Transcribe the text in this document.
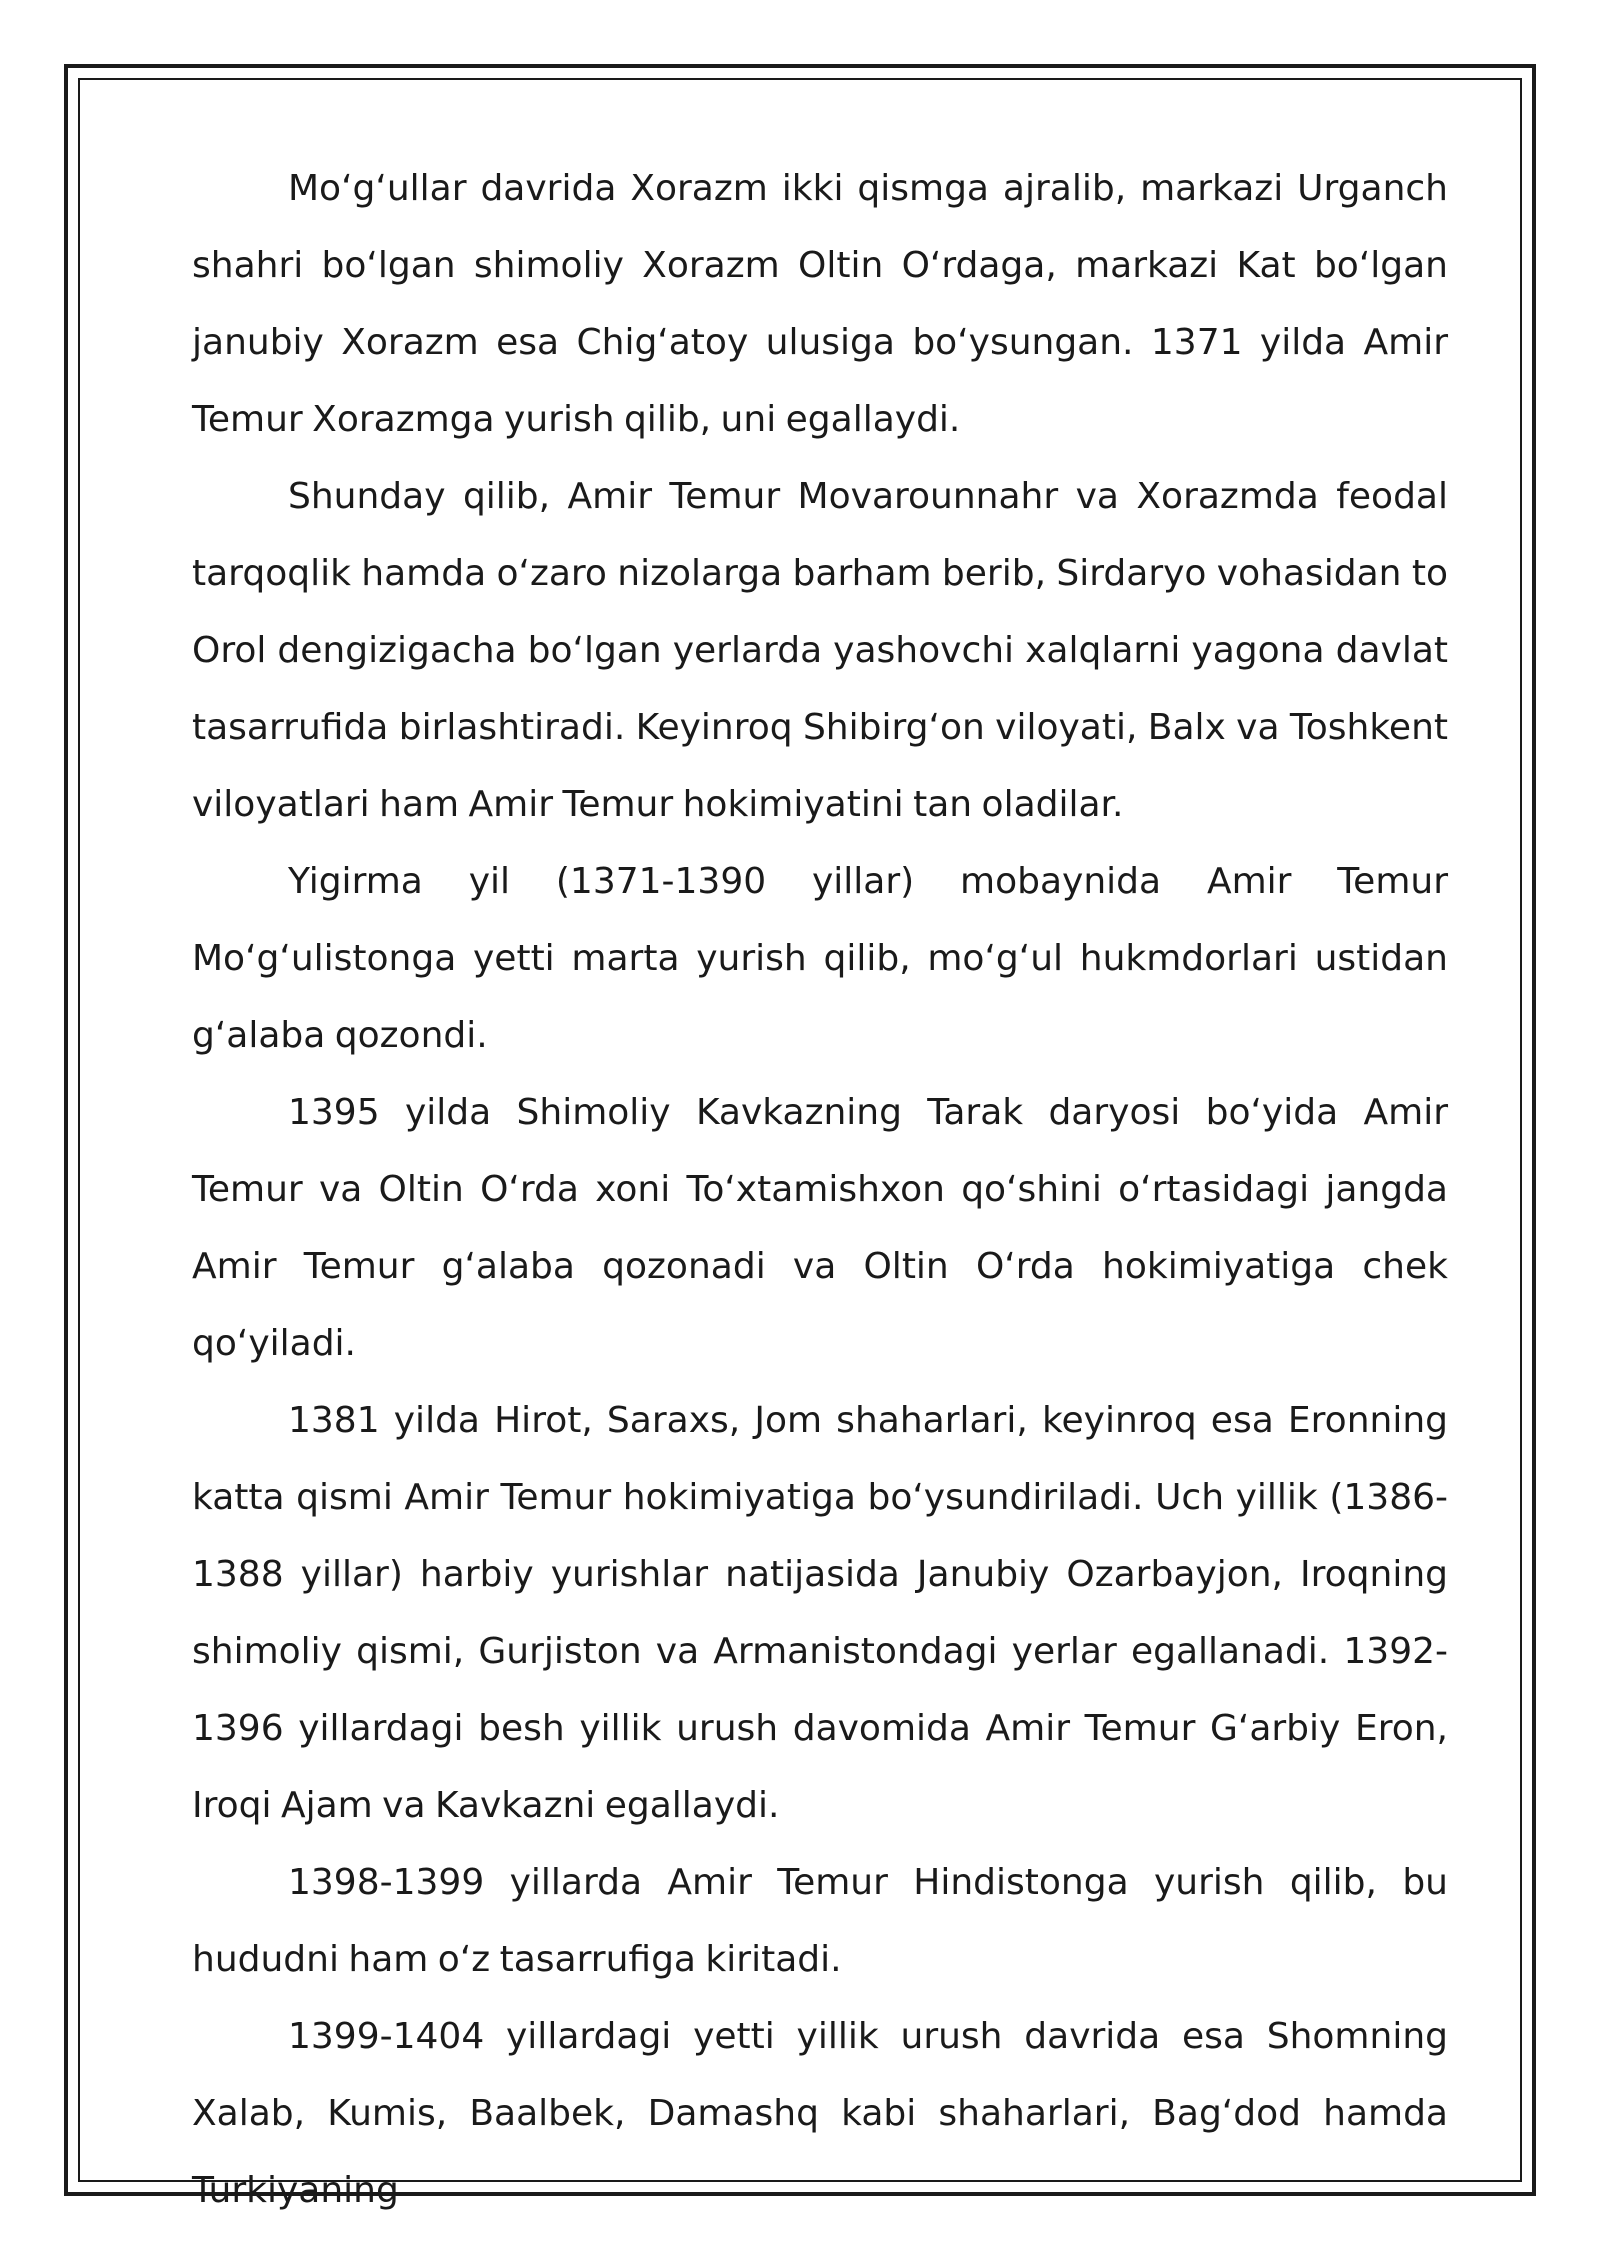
Mo‘g‘ullar davrida Xorazm ikki qismga ajralib, markazi Urganch shahri bo‘lgan shimoliy Xorazm Oltin O‘rdaga, markazi Kat bo‘lgan janubiy Xorazm esa Chig‘atoy ulusiga bo‘ysungan. 1371 yilda Amir Temur Xorazmga yurish qilib, uni egallaydi.

Shunday qilib, Amir Temur Movarounnahr va Xorazmda feodal tarqoqlik hamda o‘zaro nizolarga barham berib, Sirdaryo vohasidan to Orol dengizigacha bo‘lgan yerlarda yashovchi xalqlarni yagona davlat tasarrufida birlashtiradi. Keyinroq Shibirg‘on viloyati, Balx va Toshkent viloyatlari ham Amir Temur hokimiyatini tan oladilar.

Yigirma yil (1371-1390 yillar) mobaynida Amir Temur Mo‘g‘ulistonga yetti marta yurish qilib, mo‘g‘ul hukmdorlari ustidan g‘alaba qozondi.

1395 yilda Shimoliy Kavkazning Tarak daryosi bo‘yida Amir Temur va Oltin O‘rda xoni To‘xtamishxon qo‘shini o‘rtasidagi jangda Amir Temur g‘alaba qozonadi va Oltin O‘rda hokimiyatiga chek qo‘yiladi.

1381 yilda Hirot, Saraxs, Jom shaharlari, keyinroq esa Eronning katta qismi Amir Temur hokimiyatiga bo‘ysundiriladi. Uch yillik (1386-1388 yillar) harbiy yurishlar natijasida Janubiy Ozarbayjon, Iroqning shimoliy qismi, Gurjiston va Armanistondagi yerlar egallanadi. 1392-1396 yillardagi besh yillik urush davomida Amir Temur G‘arbiy Eron, Iroqi Ajam va Kavkazni egallaydi.

1398-1399 yillarda Amir Temur Hindistonga yurish qilib, bu hududni ham o‘z tasarrufiga kiritadi.

1399-1404 yillardagi yetti yillik urush davrida esa Shomning Xalab, Kumis, Baalbek, Damashq kabi shaharlari, Bag‘dod hamda Turkiyaning
